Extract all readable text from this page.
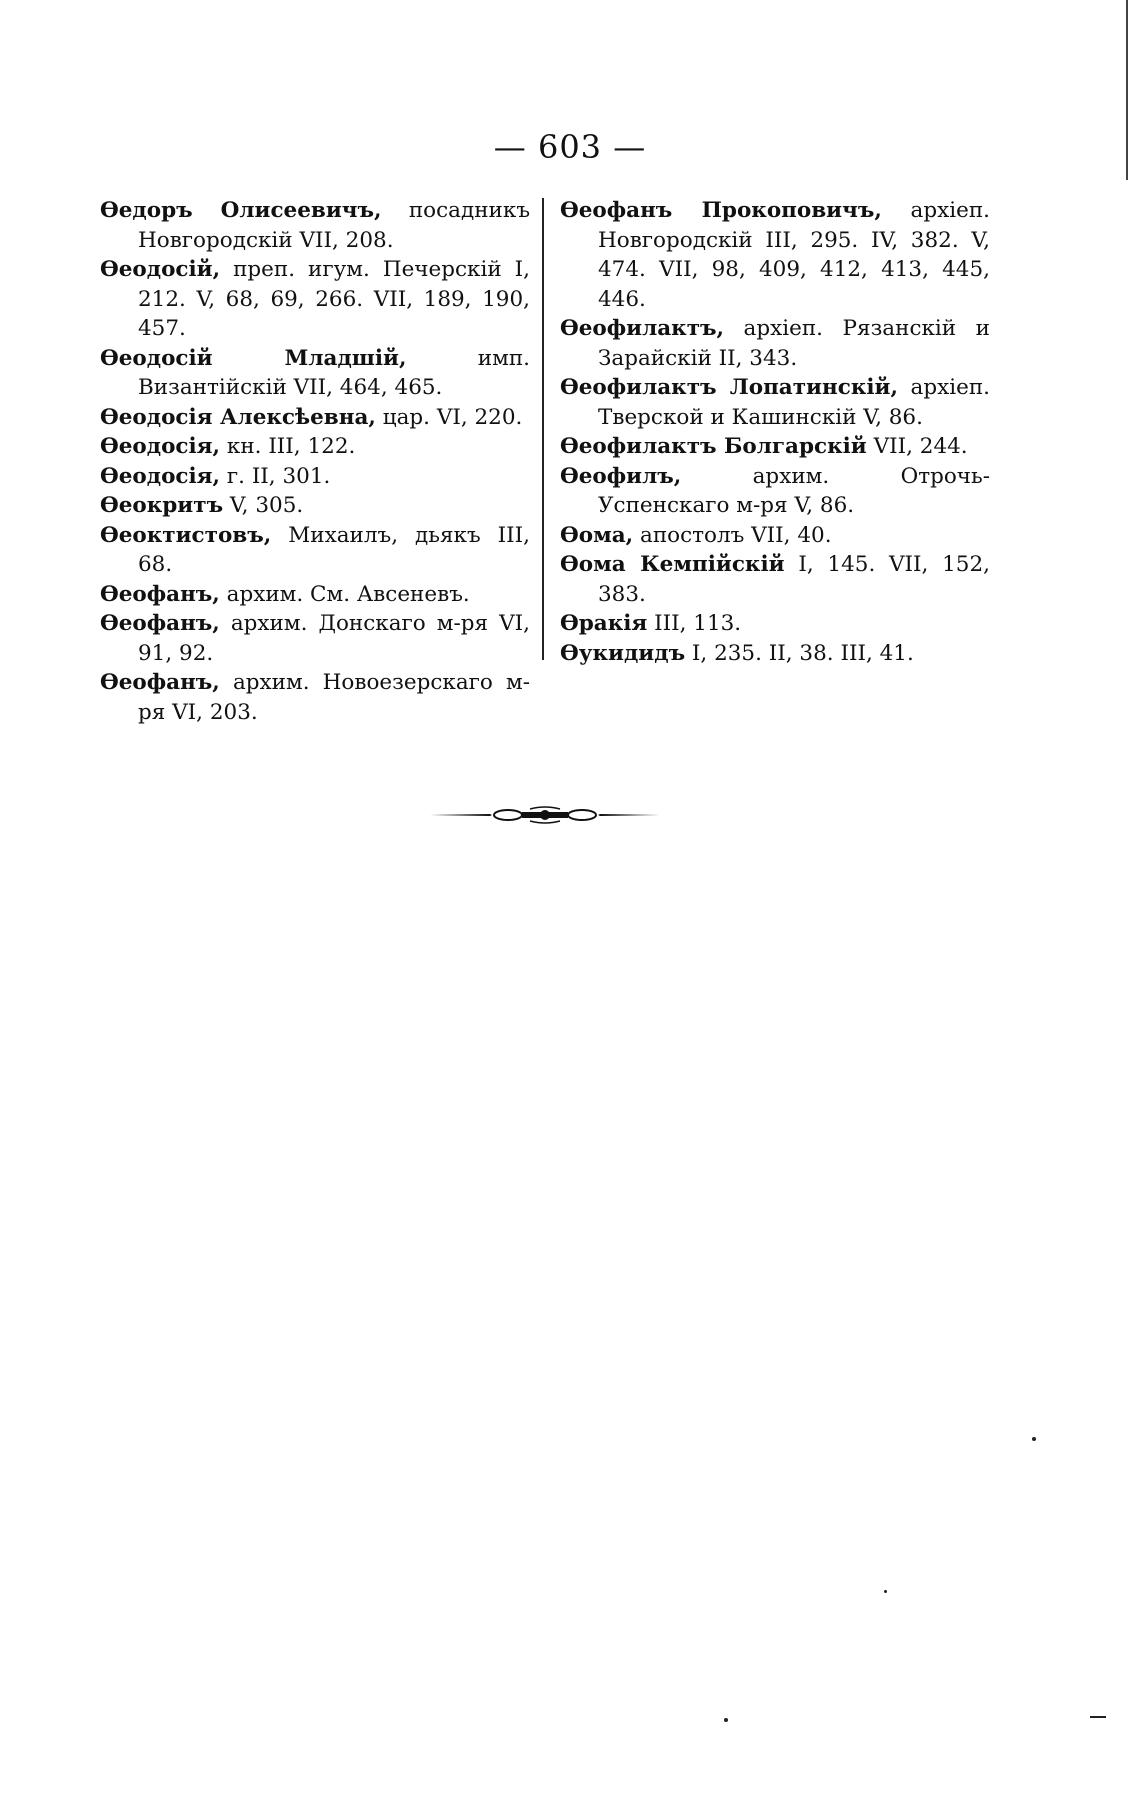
— 603 —

Ѳедоръ Олисеевичъ, посадникъ Новгородскій VII, 208.

Ѳеодосій, преп. игум. Печерскій I, 212. V, 68, 69, 266. VII, 189, 190, 457.

Ѳеодосій Младшій, имп. Византійскій VII, 464, 465.

Ѳеодосія Алексѣевна, цар. VI, 220.

Ѳеодосія, кн. III, 122.

Ѳеодосія, г. II, 301.

Ѳеокритъ V, 305.

Ѳеоктистовъ, Михаилъ, дьякъ III, 68.

Ѳеофанъ, архим. См. Авсеневъ.

Ѳеофанъ, архим. Донскаго м-ря VI, 91, 92.

Ѳеофанъ, архим. Новоезерскаго м-ря VI, 203.

Ѳеофанъ Прокоповичъ, архіеп. Новгородскій III, 295. IV, 382. V, 474. VII, 98, 409, 412, 413, 445, 446.

Ѳеофилактъ, архіеп. Рязанскій и Зарайскій II, 343.

Ѳеофилактъ Лопатинскій, архіеп. Тверской и Кашинскій V, 86.

Ѳеофилактъ Болгарскій VII, 244.

Ѳеофилъ, архим. Отрочь-Успенскаго м-ря V, 86.

Ѳома, апостолъ VII, 40.

Ѳома Кемпійскій I, 145. VII, 152, 383.

Ѳракія III, 113.

Ѳукидидъ I, 235. II, 38. III, 41.
